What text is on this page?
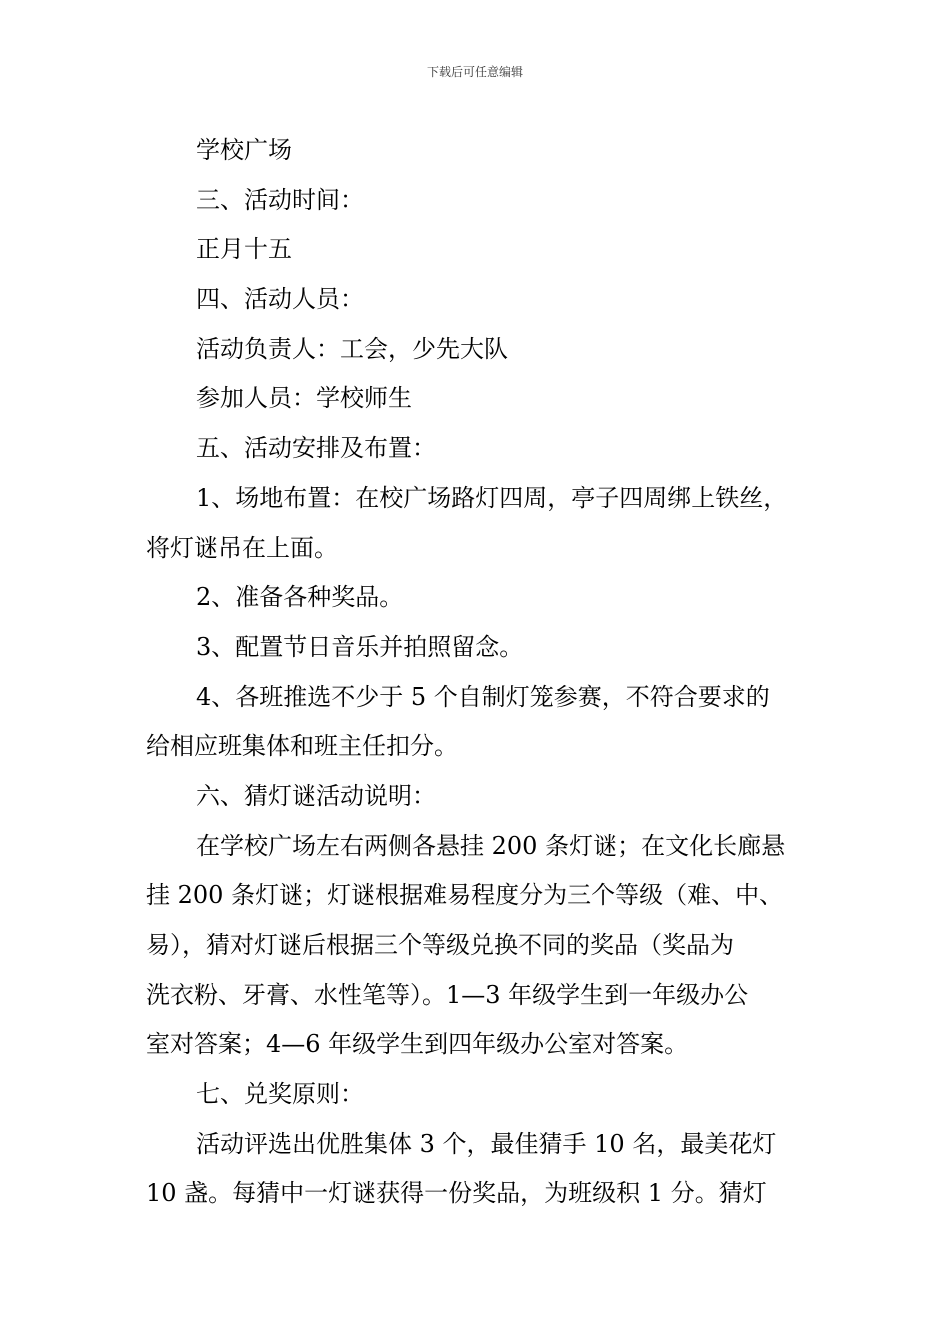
下载后可任意编辑
学校广场
三、活动时间：
正月十五
四、活动人员：
活动负责人：工会，少先大队
参加人员：学校师生
五、活动安排及布置：
1、场地布置：在校广场路灯四周，亭子四周绑上铁丝，
将灯谜吊在上面。
2、准备各种奖品。
3、配置节日音乐并拍照留念。
4、各班推选不少于 5 个自制灯笼参赛，不符合要求的
给相应班集体和班主任扣分。
六、猜灯谜活动说明：
在学校广场左右两侧各悬挂 200 条灯谜；在文化长廊悬
挂 200 条灯谜；灯谜根据难易程度分为三个等级（难、中、
易），猜对灯谜后根据三个等级兑换不同的奖品（奖品为
洗衣粉、牙膏、水性笔等）。1—3 年级学生到一年级办公
室对答案；4—6 年级学生到四年级办公室对答案。
七、兑奖原则：
活动评选出优胜集体 3 个，最佳猜手 10 名，最美花灯
10 盏。每猜中一灯谜获得一份奖品，为班级积 1 分。猜灯
